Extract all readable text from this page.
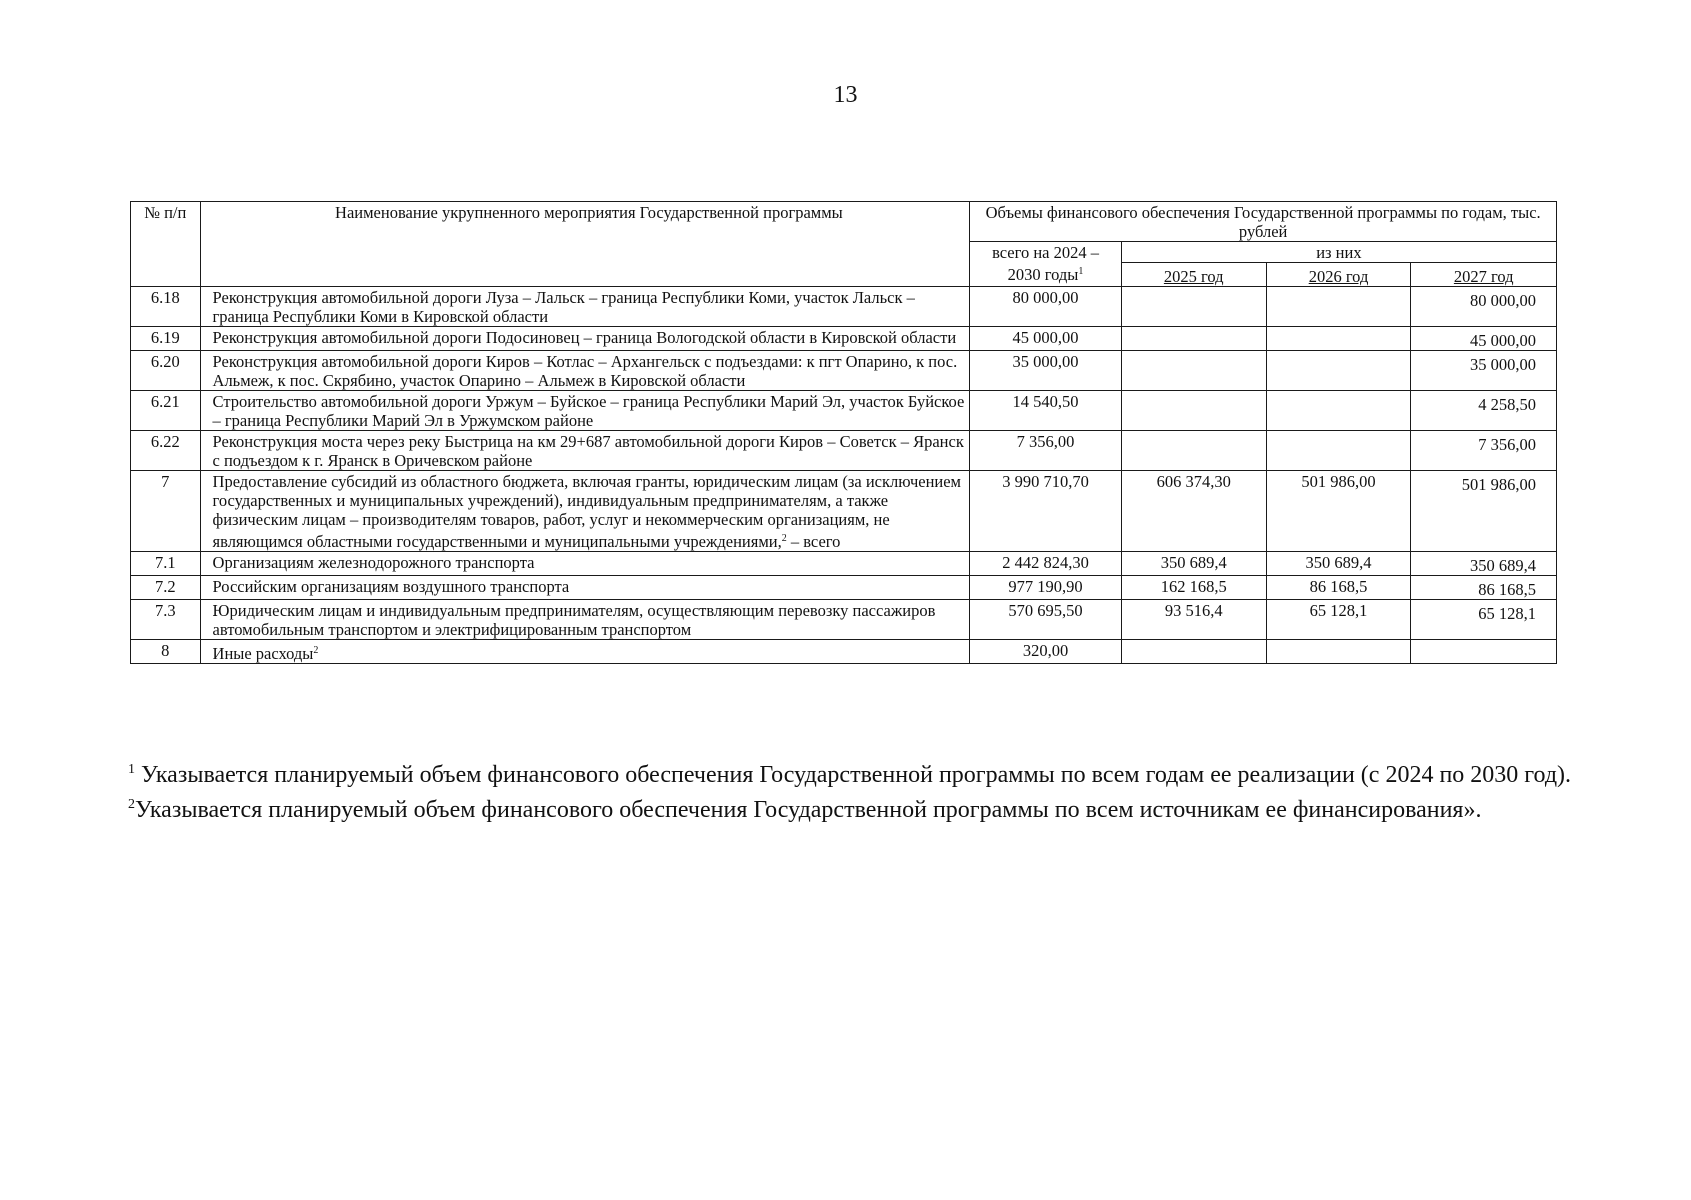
13
№ п/п	Наименование укрупненного мероприятия Государственной программы	Объемы финансового обеспечения Государственной программы по годам, тыс. рублей			
		всего на 2024 – 2030 годы$^1$	из них		
			2025 год	2026 год	2027 год
6.18	Реконструкция автомобильной дороги Луза – Лальск – граница Республики Коми, участок Лальск – граница Республики Коми в Кировской области	80 000,00			80 000,00
6.19	Реконструкция автомобильной дороги Подосиновец – граница Вологодской области в Кировской области	45 000,00			45 000,00
6.20	Реконструкция автомобильной дороги Киров – Котлас – Архангельск с подъездами: к пгт Опарино, к пос. Альмеж, к пос. Скрябино, участок Опарино – Альмеж в Кировской области	35 000,00			35 000,00
6.21	Строительство автомобильной дороги Уржум – Буйское – граница Республики Марий Эл, участок Буйское – граница Республики Марий Эл в Уржумском районе	14 540,50			4 258,50
6.22	Реконструкция моста через реку Быстрица на км 29+687 автомобильной дороги Киров – Советск – Яранск с подъездом к г. Яранск в Оричевском районе	7 356,00			7 356,00
7	Предоставление субсидий из областного бюджета, включая гранты, юридическим лицам (за исключением государственных и муниципальных учреждений), индивидуальным предпринимателям, а также физическим лицам – производителям товаров, работ, услуг и некоммерческим организациям, не являющимся областными государственными и муниципальными учреждениями,$^2$ – всего	3 990 710,70	606 374,30	501 986,00	501 986,00
7.1	Организациям железнодорожного транспорта	2 442 824,30	350 689,4	350 689,4	350 689,4
7.2	Российским организациям воздушного транспорта	977 190,90	162 168,5	86 168,5	86 168,5
7.3	Юридическим лицам и индивидуальным предпринимателям, осуществляющим перевозку пассажиров автомобильным транспортом и электрифицированным транспортом	570 695,50	93 516,4	65 128,1	65 128,1
8	Иные расходы$^2$	320,00			
$^1$ Указывается планируемый объем финансового обеспечения Государственной программы по всем годам ее реализации (с 2024 по 2030 год).
$^2$Указывается планируемый объем финансового обеспечения Государственной программы по всем источникам ее финансирования».
